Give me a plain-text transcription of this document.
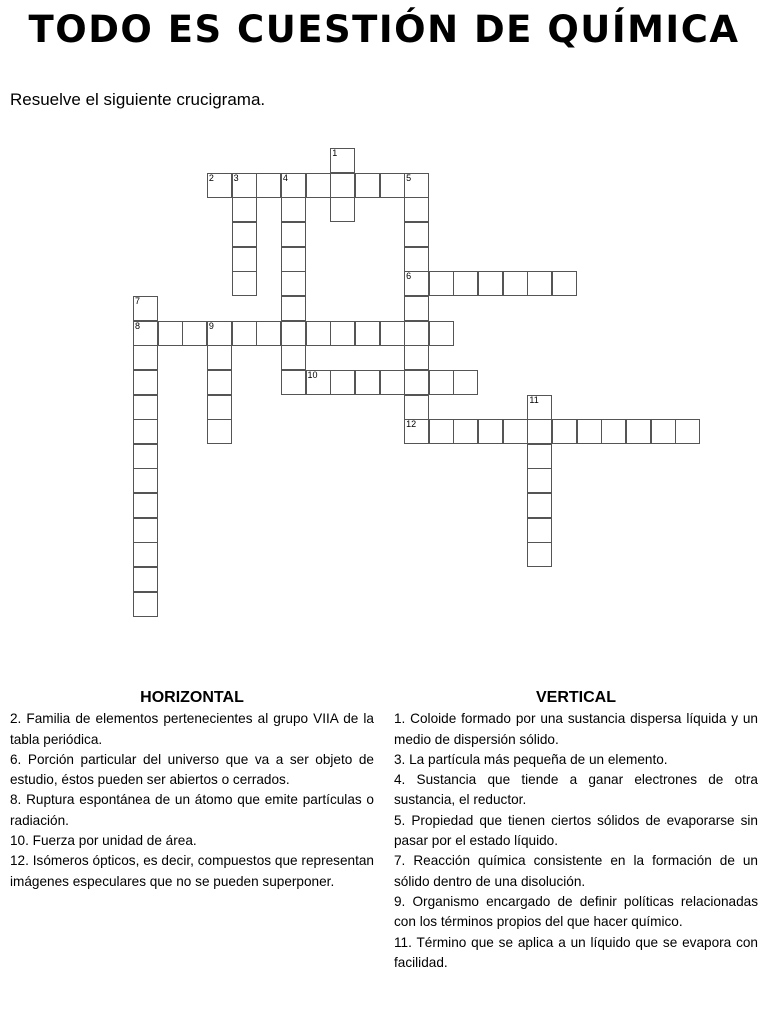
TODO ES CUESTIÓN DE QUÍMICA
Resuelve el siguiente crucigrama.
1
2 3	4	5
6
12
7
8	9
10
11
HORIZONTAL
2. Familia de elementos pertenecientes al grupo VIIA de la tabla periódica.
6. Porción particular del universo que va a ser objeto de estudio, éstos pueden ser abiertos o cerrados.
8. Ruptura espontánea de un átomo que emite partículas o radiación.
10. Fuerza por unidad de área.
12. Isómeros ópticos, es decir, compuestos que representan imágenes especulares que no se pueden superponer.
VERTICAL
1. Coloide formado por una sustancia dispersa líquida y un medio de dispersión sólido.
3. La partícula más pequeña de un elemento.
4. Sustancia que tiende a ganar electrones de otra sustancia, el reductor.
5. Propiedad que tienen ciertos sólidos de evaporarse sin pasar por el estado líquido.
7. Reacción química consistente en la formación de un sólido dentro de una disolución.
9. Organismo encargado de definir políticas relacionadas con los términos propios del que hacer químico.
11. Término que se aplica a un líquido que se evapora con facilidad.
